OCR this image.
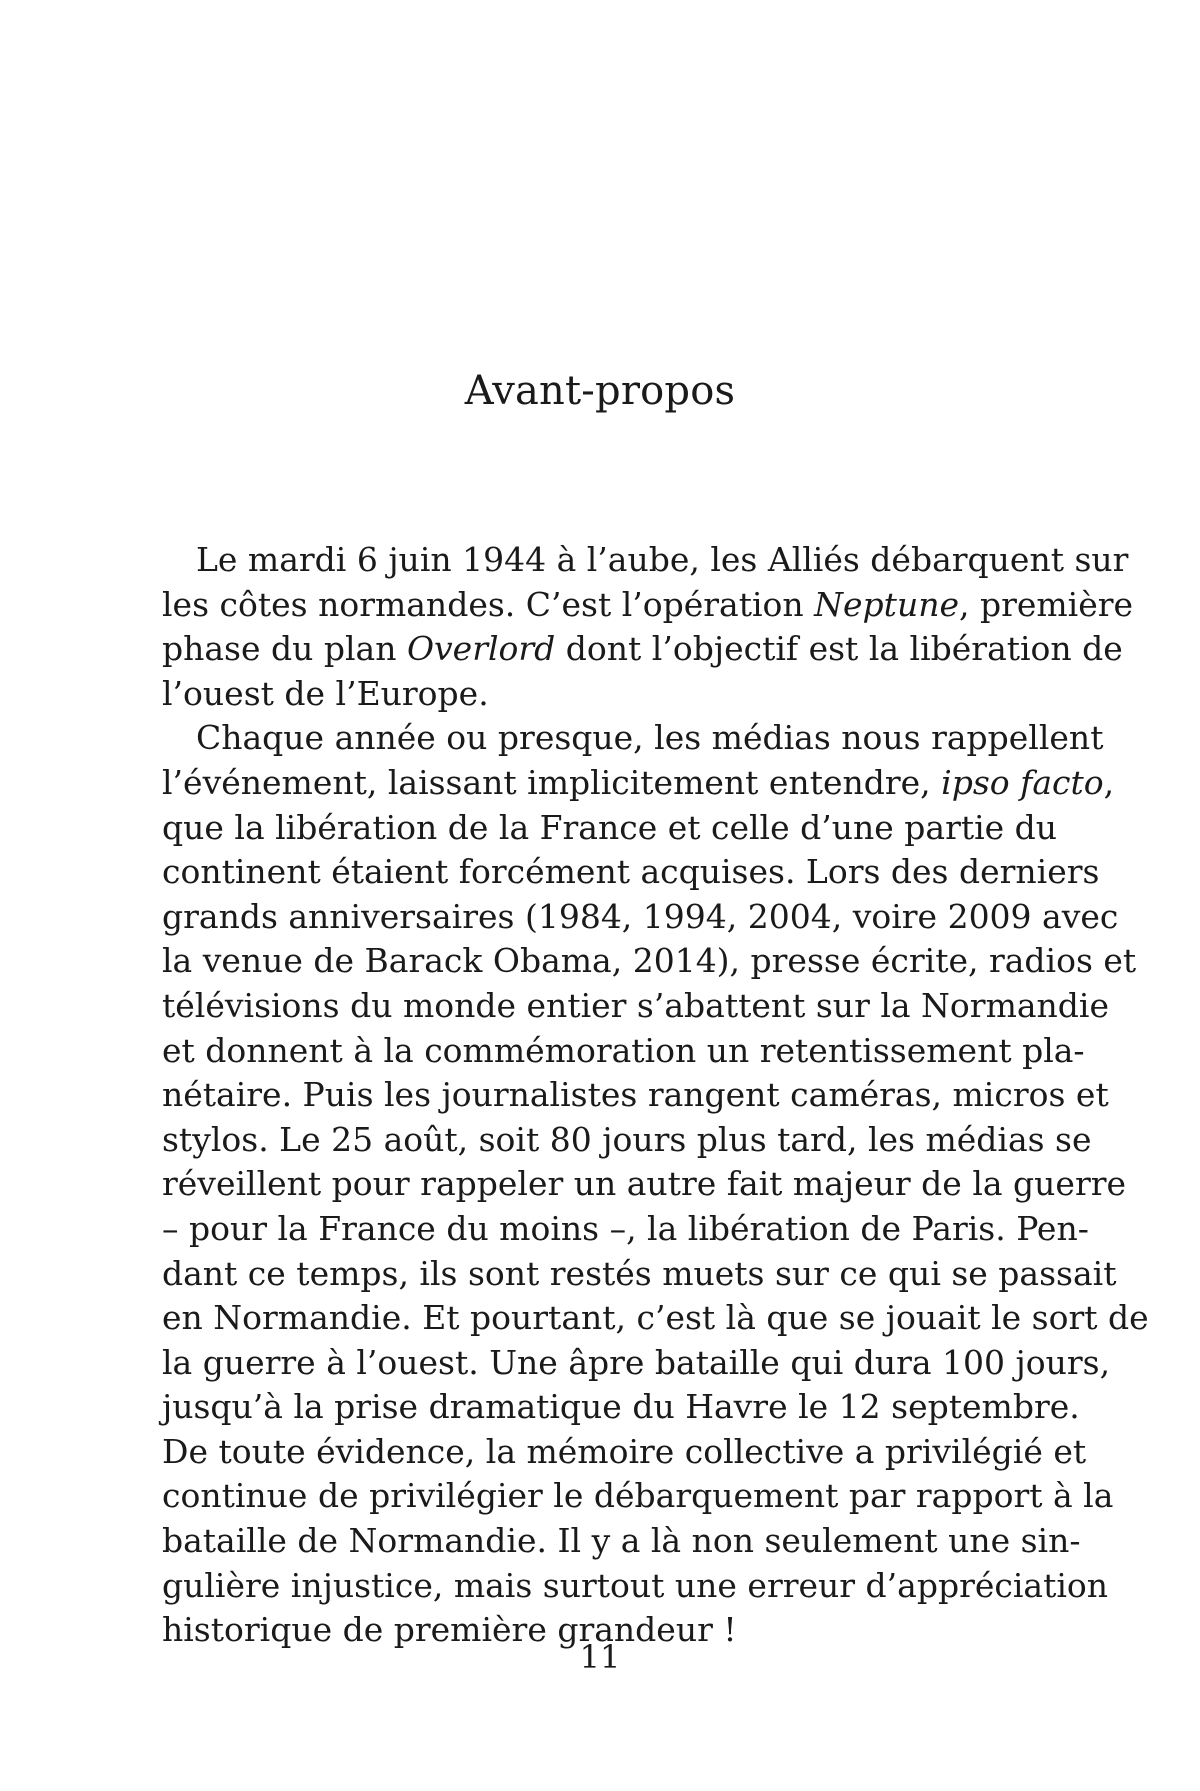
Avant-propos
Le mardi 6 juin 1944 à l’aube, les Alliés débarquent sur
les côtes normandes. C’est l’opération Neptune, première
phase du plan Overlord dont l’objectif est la libération de
l’ouest de l’Europe.
Chaque année ou presque, les médias nous rappellent
l’événement, laissant implicitement entendre, ipso facto,
que la libération de la France et celle d’une partie du
continent étaient forcément acquises. Lors des derniers
grands anniversaires (1984, 1994, 2004, voire 2009 avec
la venue de Barack Obama, 2014), presse écrite, radios et
télévisions du monde entier s’abattent sur la Normandie
et donnent à la commémoration un retentissement pla-
nétaire. Puis les journalistes rangent caméras, micros et
stylos. Le 25 août, soit 80 jours plus tard, les médias se
réveillent pour rappeler un autre fait majeur de la guerre
– pour la France du moins –, la libération de Paris. Pen-
dant ce temps, ils sont restés muets sur ce qui se passait
en Normandie. Et pourtant, c’est là que se jouait le sort de
la guerre à l’ouest. Une âpre bataille qui dura 100 jours,
jusqu’à la prise dramatique du Havre le 12 septembre.
De toute évidence, la mémoire collective a privilégié et
continue de privilégier le débarquement par rapport à la
bataille de Normandie. Il y a là non seulement une sin-
gulière injustice, mais surtout une erreur d’appréciation
historique de première grandeur !
11
